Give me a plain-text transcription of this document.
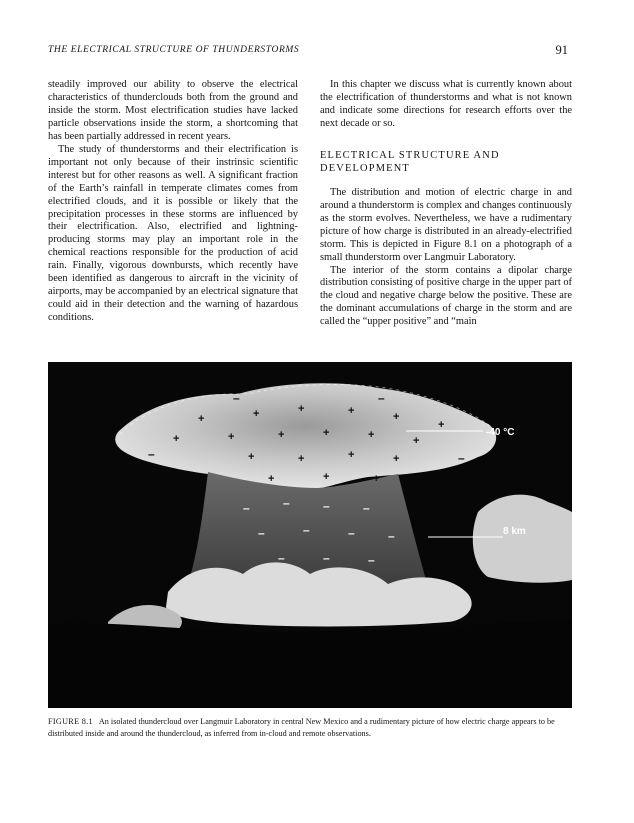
THE ELECTRICAL STRUCTURE OF THUNDERSTORMS	91

steadily improved our ability to observe the electrical characteristics of thunderclouds both from the ground and inside the storm. Most electrification studies have lacked particle observations inside the storm, a shortcoming that has been partially addressed in recent years.

The study of thunderstorms and their electrification is important not only because of their instrinsic scientific interest but for other reasons as well. A significant fraction of the Earth’s rainfall in temperate climates comes from electrified clouds, and it is possible or likely that the precipitation processes in these storms are influenced by their electrification. Also, electrified and lightning-producing storms may play an important role in the chemical reactions responsible for the production of acid rain. Finally, vigorous downbursts, which recently have been identified as dangerous to aircraft in the vicinity of airports, may be accompanied by an electrical signature that could aid in their detection and the warning of hazardous conditions.

In this chapter we discuss what is currently known about the electrification of thunderstorms and what is not known and indicate some directions for research efforts over the next decade or so.

ELECTRICAL STRUCTURE AND
DEVELOPMENT

The distribution and motion of electric charge in and around a thunderstorm is complex and changes continuously as the storm evolves. Nevertheless, we have a rudimentary picture of how charge is distributed in an already-electrified storm. This is depicted in Figure 8.1 on a photograph of a small thunderstorm over Langmuir Laboratory.

The interior of the storm contains a dipolar charge distribution consisting of positive charge in the upper part of the cloud and negative charge below the positive. These are the dominant accumulations of charge in the storm and are called the “upper positive” and “main

-40 °C
8 km
+	+	+	+	+
+
+	+	+	+	+	+
+	+	+	+
+	+	+
–	–
–	–
–	–	–	–
–	–	–	–
–	–	–
FIGURE 8.1 An isolated thundercloud over Langmuir Laboratory in central New Mexico and a rudimentary picture of how electric charge appears to be distributed inside and around the thundercloud, as inferred from in-cloud and remote observations.
